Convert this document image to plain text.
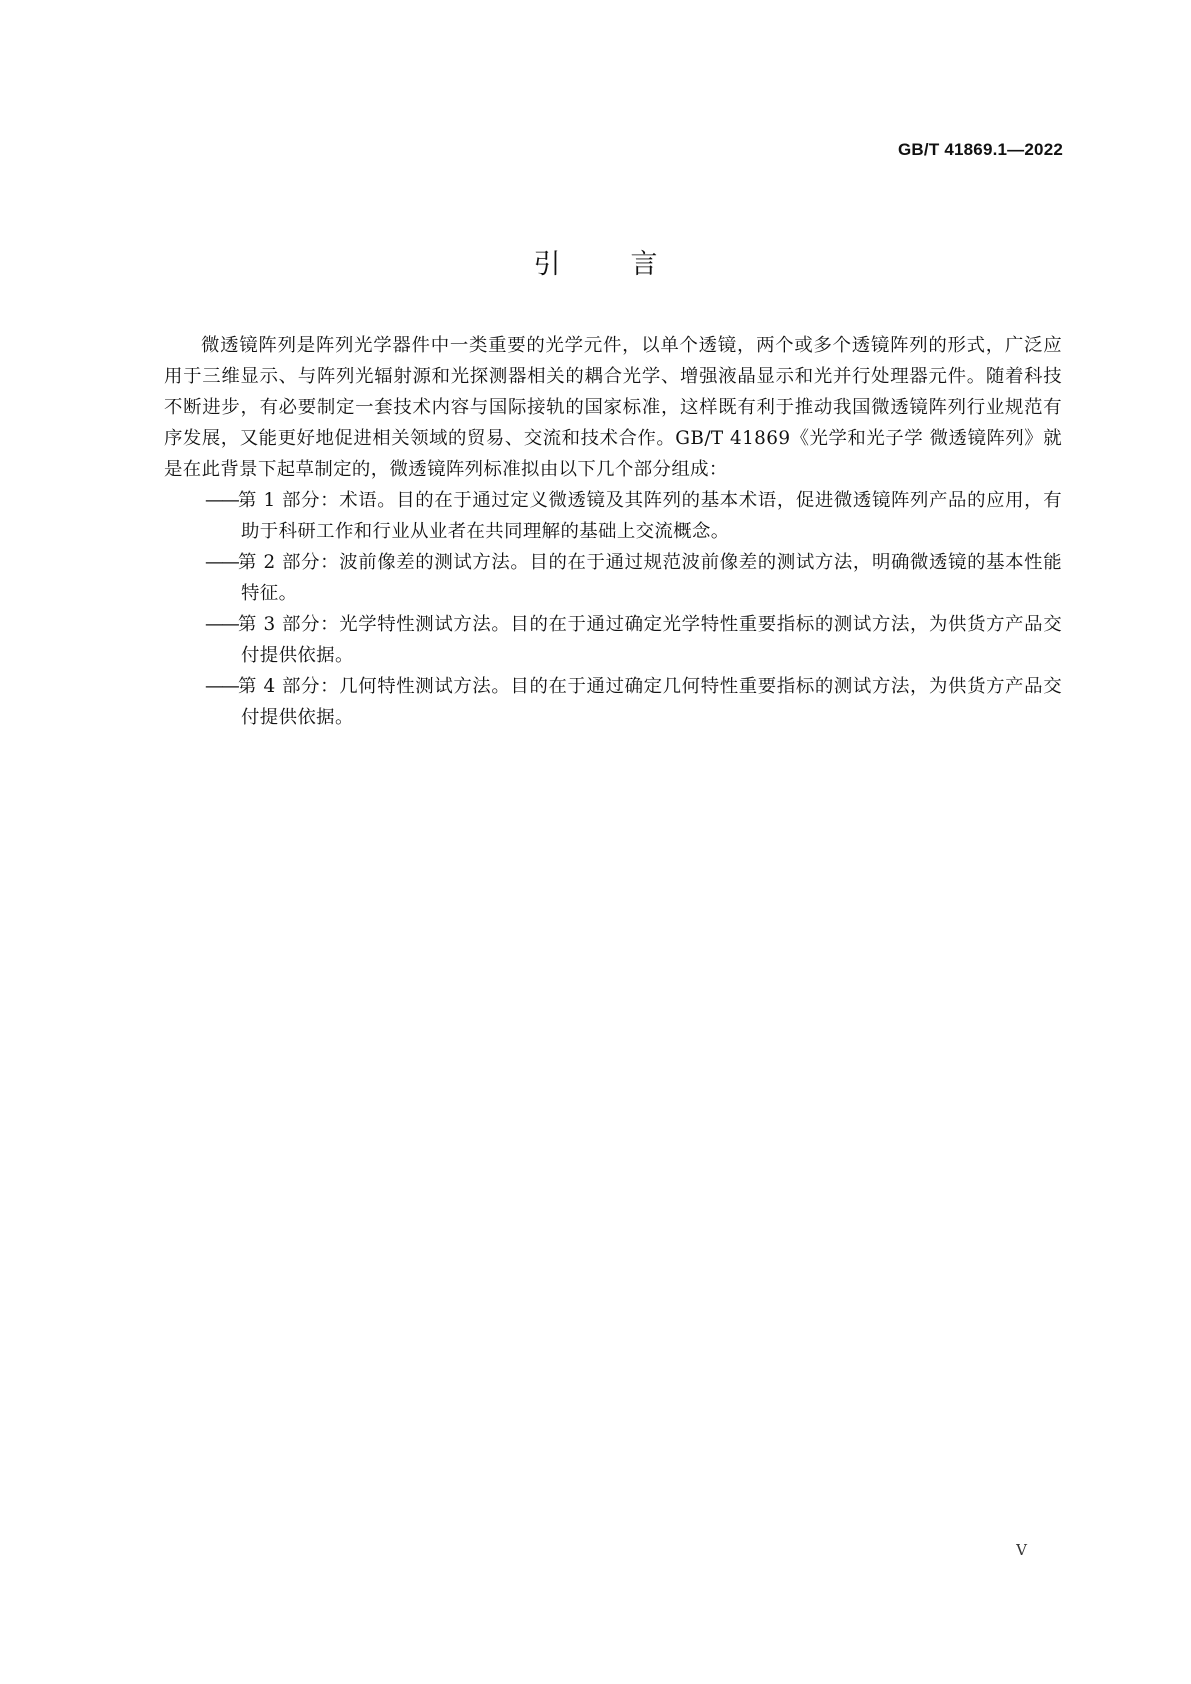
GB/T 41869.1—2022
引言

微透镜阵列是阵列光学器件中一类重要的光学元件，以单个透镜，两个或多个透镜阵列的形式，广泛应用于三维显示、与阵列光辐射源和光探测器相关的耦合光学、增强液晶显示和光并行处理器元件。随着科技不断进步，有必要制定一套技术内容与国际接轨的国家标准，这样既有利于推动我国微透镜阵列行业规范有序发展，又能更好地促进相关领域的贸易、交流和技术合作。GB/T 41869《光学和光子学 微透镜阵列》就是在此背景下起草制定的，微透镜阵列标准拟由以下几个部分组成：

——第 1 部分：术语。目的在于通过定义微透镜及其阵列的基本术语，促进微透镜阵列产品的应用，有助于科研工作和行业从业者在共同理解的基础上交流概念。
——第 2 部分：波前像差的测试方法。目的在于通过规范波前像差的测试方法，明确微透镜的基本性能特征。
——第 3 部分：光学特性测试方法。目的在于通过确定光学特性重要指标的测试方法，为供货方产品交付提供依据。
——第 4 部分：几何特性测试方法。目的在于通过确定几何特性重要指标的测试方法，为供货方产品交付提供依据。
V
